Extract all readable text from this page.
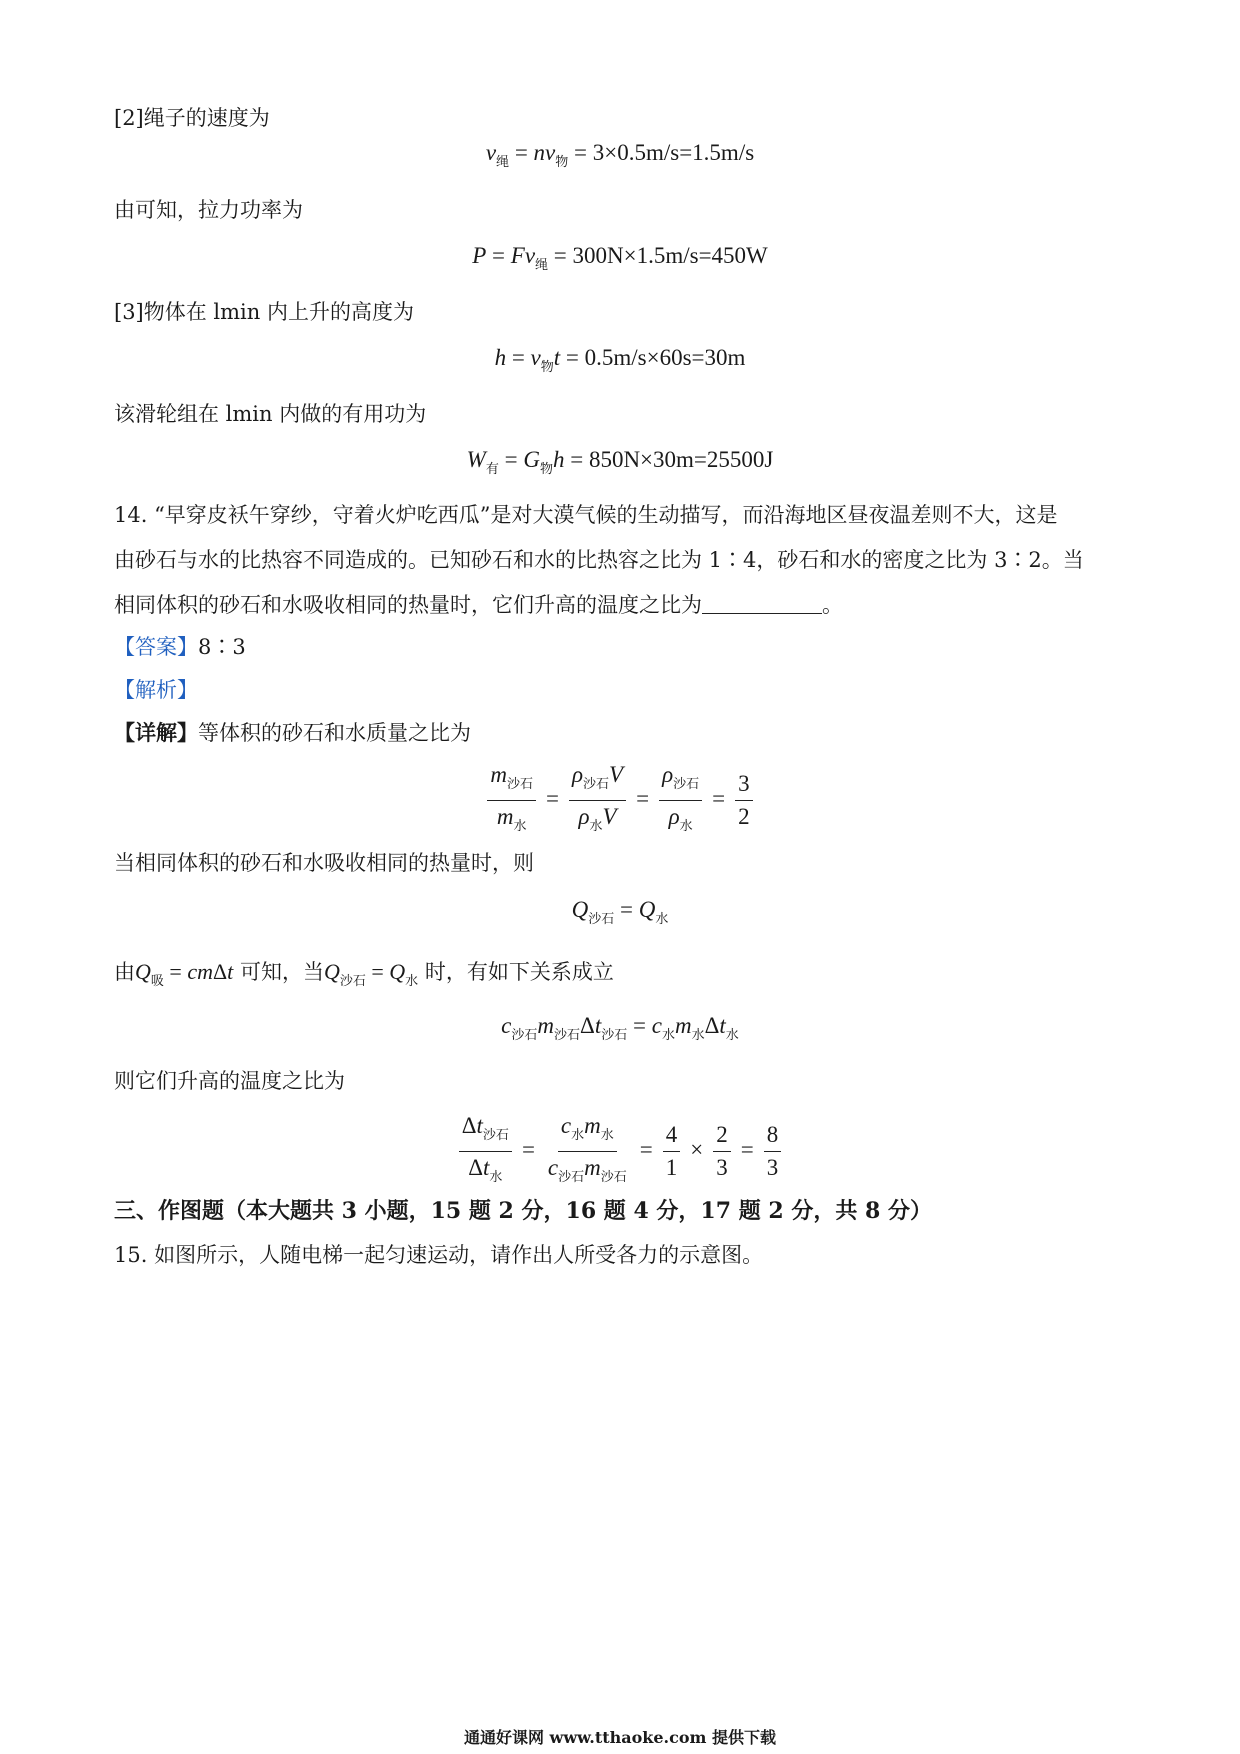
[2]绳子的速度为
$v_绳 = nv_物 = 3\times 0.5m/s=1.5m/s$
由可知，拉力功率为
$P = Fv_绳 = 300N\times 1.5m/s=450W$
[3]物体在 lmin 内上升的高度为
$h = v_物t = 0.5m/s\times 60s=30m$
该滑轮组在 lmin 内做的有用功为
$W_有 = G_物h = 850N\times 30m=25500J$
14. “早穿皮袄午穿纱，守着火炉吃西瓜”是对大漠气候的生动描写，而沿海地区昼夜温差则不大，这是
由砂石与水的比热容不同造成的。已知砂石和水的比热容之比为 1∶4，砂石和水的密度之比为 3∶2。当
相同体积的砂石和水吸收相同的热量时，它们升高的温度之比为	。
【答案】8∶3
【解析】
【详解】等体积的砂石和水质量之比为
$\frac{m_{沙石}}{m_水} = \frac{\rho_{沙石}V}{\rho_水V} = \frac{\rho_{沙石}}{\rho_水} = \frac{3}{2}$
当相同体积的砂石和水吸收相同的热量时，则
$Q_{沙石} = Q_水$
由$Q_吸 = cm\Delta t$ 可知，当$Q_{沙石} = Q_水$ 时，有如下关系成立
$c_{沙石}m_{沙石}\Delta t_{沙石} = c_水m_水\Delta t_水$
则它们升高的温度之比为
$\frac{\Delta t_{沙石}}{\Delta t_水} = \frac{c_水m_水}{c_{沙石}m_{沙石}} = \frac{4}{1} \times \frac{2}{3} = \frac{8}{3}$
三、作图题（本大题共 3 小题，15 题 2 分，16 题 4 分，17 题 2 分，共 8 分）
15. 如图所示，人随电梯一起匀速运动，请作出人所受各力的示意图。
通通好课网 www.tthaoke.com 提供下载
